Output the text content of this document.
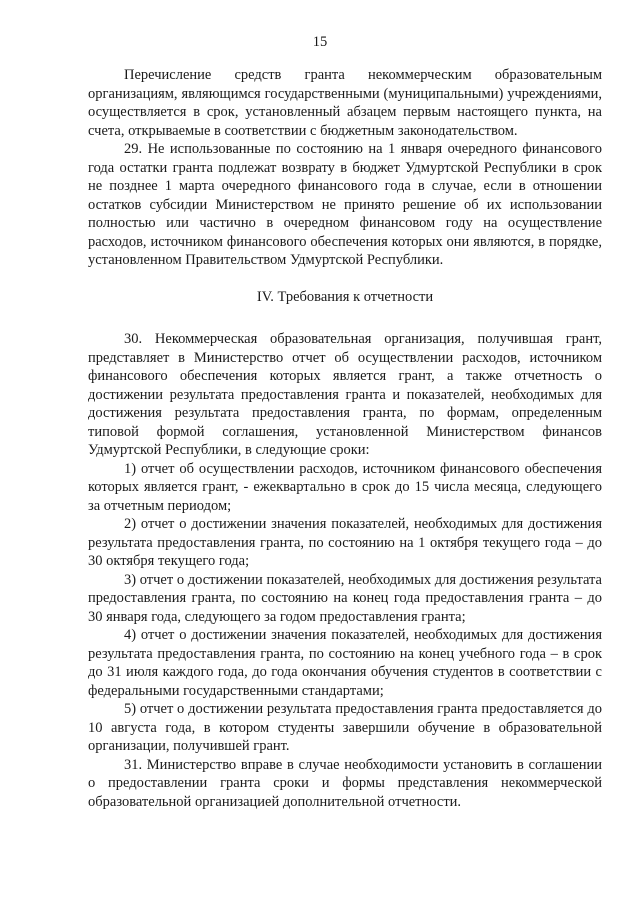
15

Перечисление средств гранта некоммерческим образовательным организациям, являющимся государственными (муниципальными) учреждениями, осуществляется в срок, установленный абзацем первым настоящего пункта, на счета, открываемые в соответствии с бюджетным законодательством.

29. Не использованные по состоянию на 1 января очередного финансового года остатки гранта подлежат возврату в бюджет Удмуртской Республики в срок не позднее 1 марта очередного финансового года в случае, если в отношении остатков субсидии Министерством не принято решение об их использовании полностью или частично в очередном финансовом году на осуществление расходов, источником финансового обеспечения которых они являются, в порядке, установленном Правительством Удмуртской Республики.

IV. Требования к отчетности

30. Некоммерческая образовательная организация, получившая грант, представляет в Министерство отчет об осуществлении расходов, источником финансового обеспечения которых является грант, а также отчетность о достижении результата предоставления гранта и показателей, необходимых для достижения результата предоставления гранта, по формам, определенным типовой формой соглашения, установленной Министерством финансов Удмуртской Республики, в следующие сроки:

1) отчет об осуществлении расходов, источником финансового обеспечения которых является грант, - ежеквартально в срок до 15 числа месяца, следующего за отчетным периодом;

2) отчет о достижении значения показателей, необходимых для достижения результата предоставления гранта, по состоянию на 1 октября текущего года – до 30 октября текущего года;

3) отчет о достижении показателей, необходимых для достижения результата предоставления гранта, по состоянию на конец года предоставления гранта – до 30 января года, следующего за годом предоставления гранта;

4) отчет о достижении значения показателей, необходимых для достижения результата предоставления гранта, по состоянию на конец учебного года – в срок до 31 июля каждого года, до года окончания обучения студентов в соответствии с федеральными государственными стандартами;

5) отчет о достижении результата предоставления гранта предоставляется до 10 августа года, в котором студенты завершили обучение в образовательной организации, получившей грант.

31. Министерство вправе в случае необходимости установить в соглашении о предоставлении гранта сроки и формы представления некоммерческой образовательной организацией дополнительной отчетности.
